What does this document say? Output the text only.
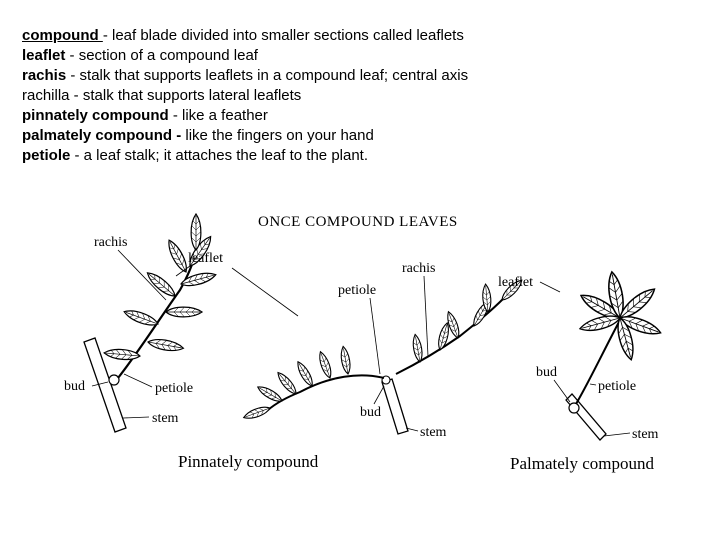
compound - leaf blade divided into smaller sections called leaflets
leaflet - section of a compound leaf
rachis - stalk that supports leaflets in a compound leaf; central axis
rachilla - stalk that supports lateral leaflets
pinnately compound - like a feather
palmately compound - like the fingers on your hand
petiole - a leaf stalk; it attaches the leaf to the plant.
ONCE COMPOUND LEAVES
rachis
leaflet
bud	petiole
stem
petiole
rachis
bud
stem
leaflet
bud
petiole
stem
Pinnately compound	Palmately compound
